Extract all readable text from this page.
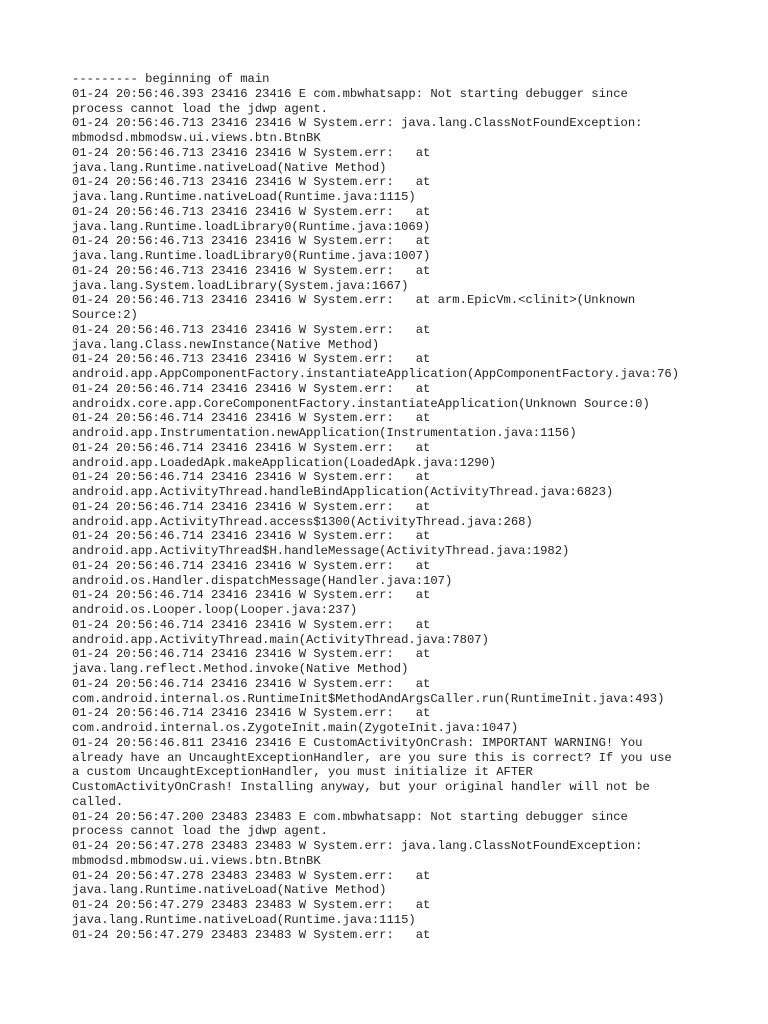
--------- beginning of main
01-24 20:56:46.393 23416 23416 E com.mbwhatsapp: Not starting debugger since
process cannot load the jdwp agent.
01-24 20:56:46.713 23416 23416 W System.err: java.lang.ClassNotFoundException:
mbmodsd.mbmodsw.ui.views.btn.BtnBK
01-24 20:56:46.713 23416 23416 W System.err:   at
java.lang.Runtime.nativeLoad(Native Method)
01-24 20:56:46.713 23416 23416 W System.err:   at
java.lang.Runtime.nativeLoad(Runtime.java:1115)
01-24 20:56:46.713 23416 23416 W System.err:   at
java.lang.Runtime.loadLibrary0(Runtime.java:1069)
01-24 20:56:46.713 23416 23416 W System.err:   at
java.lang.Runtime.loadLibrary0(Runtime.java:1007)
01-24 20:56:46.713 23416 23416 W System.err:   at
java.lang.System.loadLibrary(System.java:1667)
01-24 20:56:46.713 23416 23416 W System.err:   at arm.EpicVm.<clinit>(Unknown
Source:2)
01-24 20:56:46.713 23416 23416 W System.err:   at
java.lang.Class.newInstance(Native Method)
01-24 20:56:46.713 23416 23416 W System.err:   at
android.app.AppComponentFactory.instantiateApplication(AppComponentFactory.java:76)
01-24 20:56:46.714 23416 23416 W System.err:   at
androidx.core.app.CoreComponentFactory.instantiateApplication(Unknown Source:0)
01-24 20:56:46.714 23416 23416 W System.err:   at
android.app.Instrumentation.newApplication(Instrumentation.java:1156)
01-24 20:56:46.714 23416 23416 W System.err:   at
android.app.LoadedApk.makeApplication(LoadedApk.java:1290)
01-24 20:56:46.714 23416 23416 W System.err:   at
android.app.ActivityThread.handleBindApplication(ActivityThread.java:6823)
01-24 20:56:46.714 23416 23416 W System.err:   at
android.app.ActivityThread.access$1300(ActivityThread.java:268)
01-24 20:56:46.714 23416 23416 W System.err:   at
android.app.ActivityThread$H.handleMessage(ActivityThread.java:1982)
01-24 20:56:46.714 23416 23416 W System.err:   at
android.os.Handler.dispatchMessage(Handler.java:107)
01-24 20:56:46.714 23416 23416 W System.err:   at
android.os.Looper.loop(Looper.java:237)
01-24 20:56:46.714 23416 23416 W System.err:   at
android.app.ActivityThread.main(ActivityThread.java:7807)
01-24 20:56:46.714 23416 23416 W System.err:   at
java.lang.reflect.Method.invoke(Native Method)
01-24 20:56:46.714 23416 23416 W System.err:   at
com.android.internal.os.RuntimeInit$MethodAndArgsCaller.run(RuntimeInit.java:493)
01-24 20:56:46.714 23416 23416 W System.err:   at
com.android.internal.os.ZygoteInit.main(ZygoteInit.java:1047)
01-24 20:56:46.811 23416 23416 E CustomActivityOnCrash: IMPORTANT WARNING! You
already have an UncaughtExceptionHandler, are you sure this is correct? If you use
a custom UncaughtExceptionHandler, you must initialize it AFTER
CustomActivityOnCrash! Installing anyway, but your original handler will not be
called.
01-24 20:56:47.200 23483 23483 E com.mbwhatsapp: Not starting debugger since
process cannot load the jdwp agent.
01-24 20:56:47.278 23483 23483 W System.err: java.lang.ClassNotFoundException:
mbmodsd.mbmodsw.ui.views.btn.BtnBK
01-24 20:56:47.278 23483 23483 W System.err:   at
java.lang.Runtime.nativeLoad(Native Method)
01-24 20:56:47.279 23483 23483 W System.err:   at
java.lang.Runtime.nativeLoad(Runtime.java:1115)
01-24 20:56:47.279 23483 23483 W System.err:   at
